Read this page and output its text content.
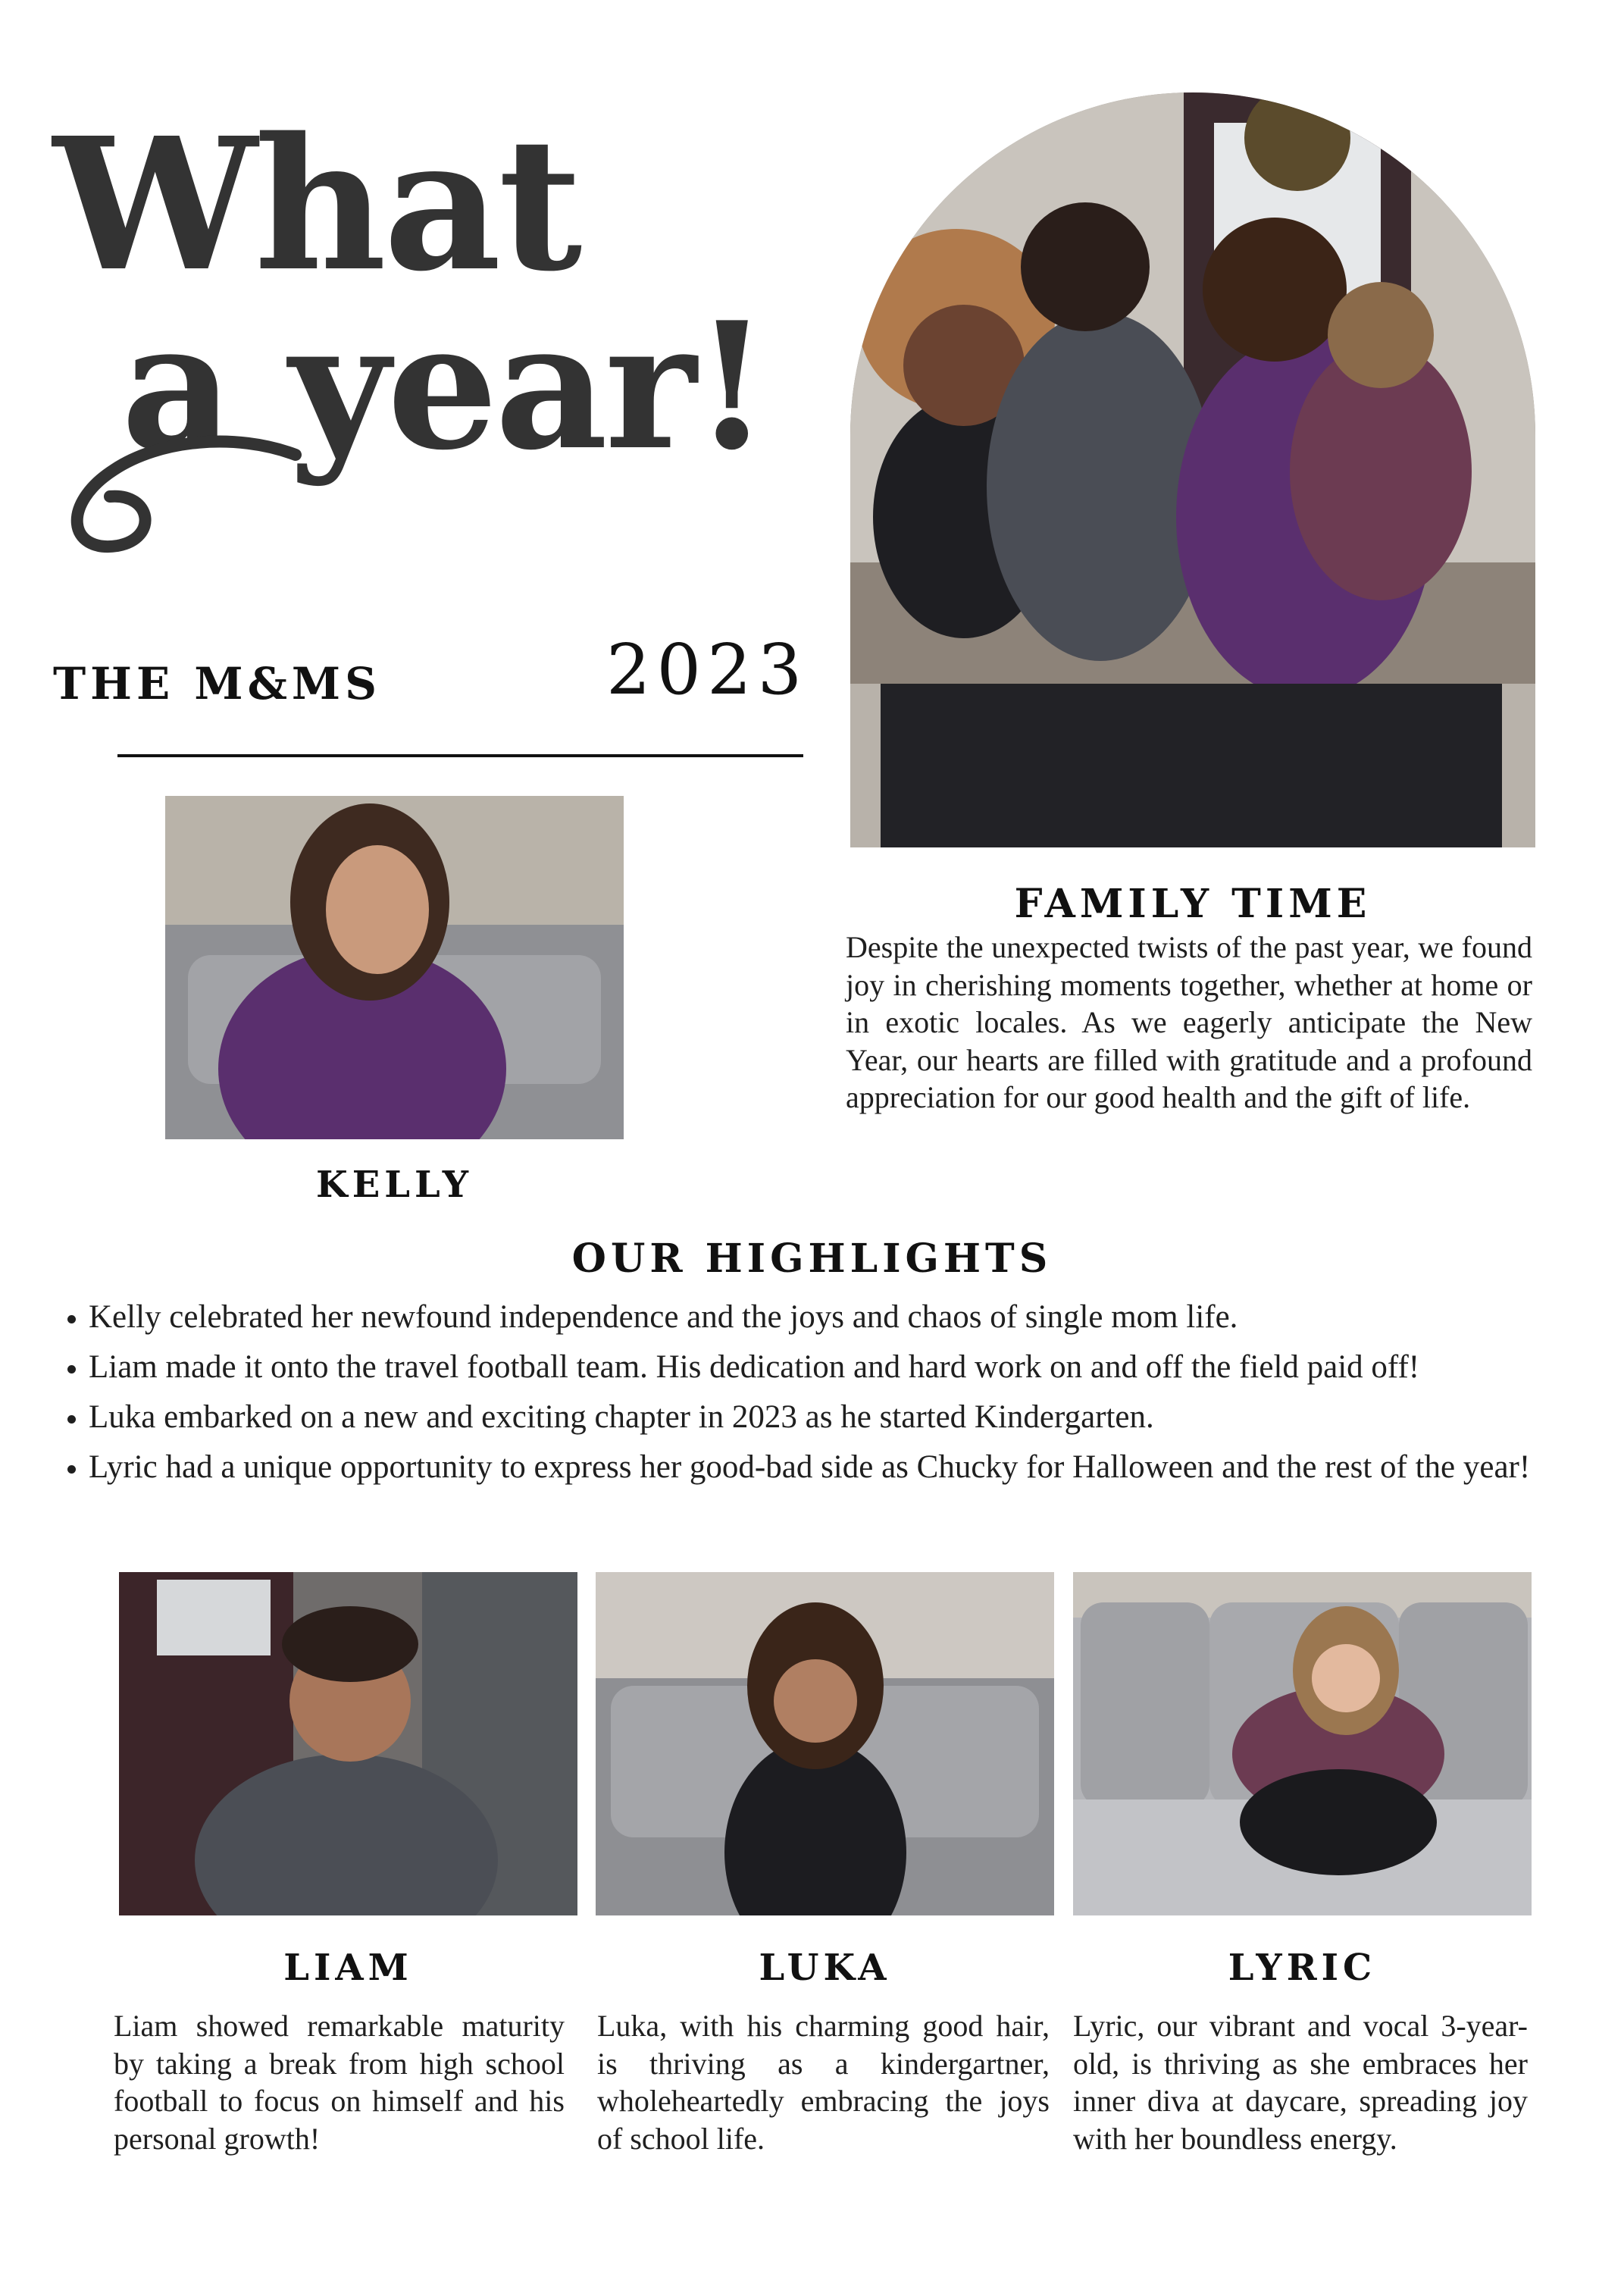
What
a year!
THE M&MS	2023
FAMILY TIME
Despite the unexpected twists of the past year, we found joy in cherishing moments together, whether at home or in exotic locales. As we eagerly anticipate the New Year, our hearts are filled with gratitude and a profound appreciation for our good health and the gift of life.
KELLY
OUR HIGHLIGHTS
• Kelly celebrated her newfound independence and the joys and chaos of single mom life.
• Liam made it onto the travel football team. His dedication and hard work on and off the field paid off!
• Luka embarked on a new and exciting chapter in 2023 as he started Kindergarten.
• Lyric had a unique opportunity to express her good-bad side as Chucky for Halloween and the rest of the year!
LIAM	LUKA	LYRIC
Liam showed remarkable maturity by taking a break from high school football to focus on himself and his personal growth!
Luka, with his charming good hair, is thriving as a kindergartner, wholeheartedly embracing the joys of school life.
Lyric, our vibrant and vocal 3-year-old, is thriving as she embraces her inner diva at daycare, spreading joy with her boundless energy.
